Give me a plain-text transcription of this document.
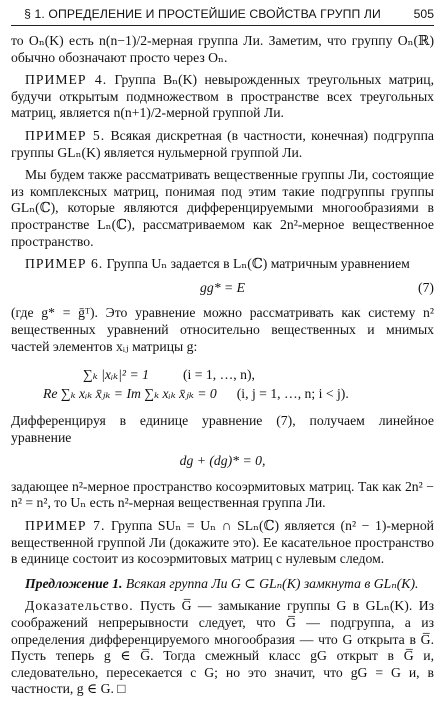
§ 1. ОПРЕДЕЛЕНИЕ И ПРОСТЕЙШИЕ СВОЙСТВА ГРУПП ЛИ	505

то Oₙ(K) есть n(n−1)/2-мерная группа Ли. Заметим, что группу Oₙ(ℝ) обычно обозначают просто через Oₙ.

ПРИМЕР 4. Группа Bₙ(K) невырожденных треугольных матриц, будучи открытым подмножеством в пространстве всех треугольных матриц, является n(n+1)/2-мерной группой Ли.

ПРИМЕР 5. Всякая дискретная (в частности, конечная) подгруппа группы GLₙ(K) является нульмерной группой Ли.

Мы будем также рассматривать вещественные группы Ли, состоящие из комплексных матриц, понимая под этим такие подгруппы группы GLₙ(ℂ), которые являются дифференцируемыми многообразиями в пространстве Lₙ(ℂ), рассматриваемом как 2n²-мерное вещественное пространство.

ПРИМЕР 6. Группа Uₙ задается в Lₙ(ℂ) матричным уравнением

gg* = E	(7)

(где g* = ḡᵀ). Это уравнение можно рассматривать как систему n² вещественных уравнений относительно вещественных и мнимых частей элементов xᵢⱼ матрицы g:

∑ₖ |xᵢₖ|² = 1 (i = 1, …, n),
Re ∑ₖ xᵢₖ x̄ⱼₖ = Im ∑ₖ xᵢₖ x̄ⱼₖ = 0 (i, j = 1, …, n; i < j).

Дифференцируя в единице уравнение (7), получаем линейное уравнение

dg + (dg)* = 0,

задающее n²-мерное пространство косоэрмитовых матриц. Так как 2n² − n² = n², то Uₙ есть n²-мерная вещественная группа Ли.

ПРИМЕР 7. Группа SUₙ = Uₙ ∩ SLₙ(ℂ) является (n² − 1)-мерной вещественной группой Ли (докажите это). Ее касательное пространство в единице состоит из косоэрмитовых матриц с нулевым следом.

Предложение 1. Всякая группа Ли G ⊂ GLₙ(K) замкнута в GLₙ(K).

Доказательство. Пусть G̅ — замыкание группы G в GLₙ(K). Из соображений непрерывности следует, что G̅ — подгруппа, а из определения дифференцируемого многообразия — что G открыта в G̅. Пусть теперь g ∈ G̅. Тогда смежный класс gG открыт в G̅ и, следовательно, пересекается с G; но это значит, что gG = G и, в частности, g ∈ G. □
